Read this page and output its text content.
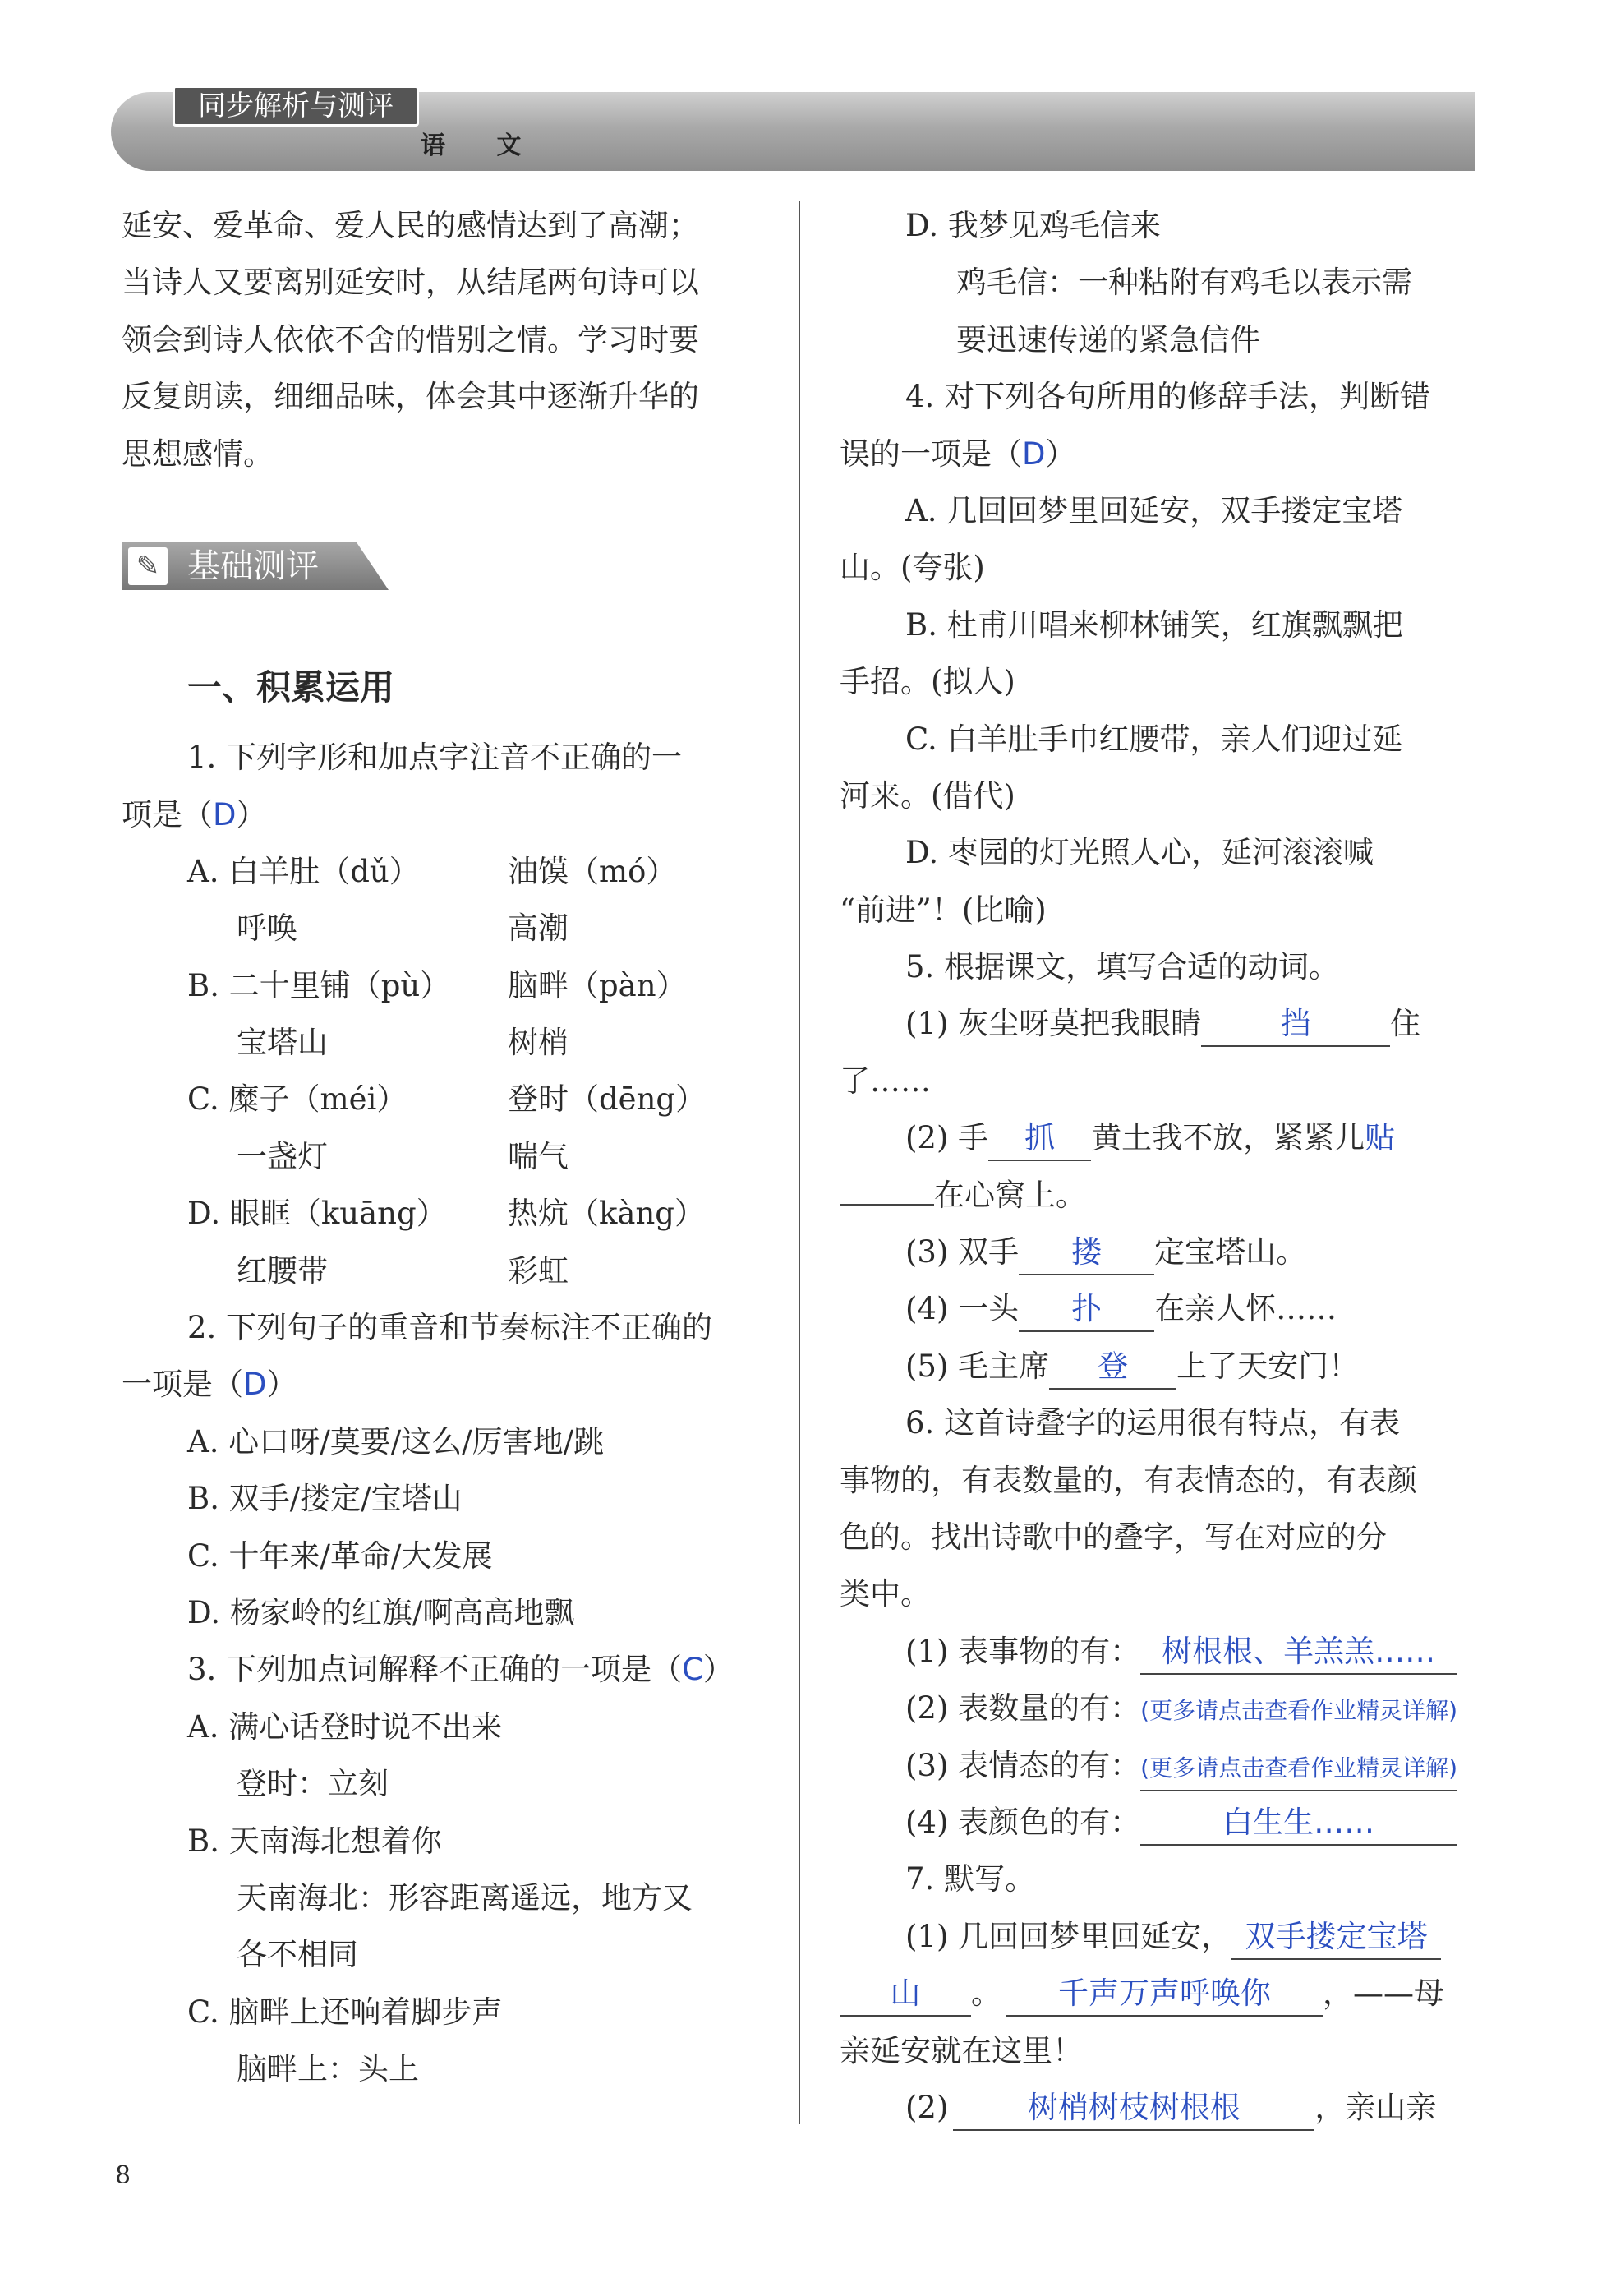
同步解析与测评
语 文
延安、爱革命、爱人民的感情达到了高潮；
当诗人又要离别延安时，从结尾两句诗可以
领会到诗人依依不舍的惜别之情。学习时要
反复朗读，细细品味，体会其中逐渐升华的
思想感情。
一、积累运用
1. 下列字形和加点字注音不正确的一
项是（D）
A. 白羊肚（dǔ）	油馍（mó）
呼唤	高潮
B. 二十里铺（pù） 脑畔（pàn）
宝塔山	树梢
C. 糜子（méi）	登时（dēng）
一盏灯	喘气
D. 眼眶（kuāng） 热炕（kàng）
红腰带	彩虹
2. 下列句子的重音和节奏标注不正确的
一项是（D）
A. 心口呀/莫要/这么/厉害地/跳
B. 双手/搂定/宝塔山
C. 十年来/革命/大发展
D. 杨家岭的红旗/啊高高地飘
3. 下列加点词解释不正确的一项是（C）
A. 满心话登时说不出来
登时：立刻
B. 天南海北想着你
天南海北：形容距离遥远，地方又
各不相同
C. 脑畔上还响着脚步声
脑畔上：头上
✎ 基础测评
D. 我梦见鸡毛信来
鸡毛信：一种粘附有鸡毛以表示需
要迅速传递的紧急信件
4. 对下列各句所用的修辞手法，判断错
误的一项是（D）
A. 几回回梦里回延安，双手搂定宝塔
山。(夸张)
B. 杜甫川唱来柳林铺笑，红旗飘飘把
手招。(拟人)
C. 白羊肚手巾红腰带，亲人们迎过延
河来。(借代)
D. 枣园的灯光照人心，延河滚滚喊
“前进”！(比喻)
5. 根据课文，填写合适的动词。
(1) 灰尘呀莫把我眼睛	挡	住
了……
(2) 手 抓 黄土我不放，紧紧儿贴
在心窝上。
(3) 双手 搂 定宝塔山。
(4) 一头 扑 在亲人怀……
(5) 毛主席 登 上了天安门！
6. 这首诗叠字的运用很有特点，有表
事物的，有表数量的，有表情态的，有表颜
色的。找出诗歌中的叠字，写在对应的分
类中。
(1) 表事物的有： 树根根、羊羔羔……
(2) 表数量的有：(更多请点击查看作业精灵详解)
(3) 表情态的有：(更多请点击查看作业精灵详解)
(4) 表颜色的有：	白生生……
7. 默写。
(1) 几回回梦里回延安， 双手搂定宝塔
山 。 千声万声呼唤你 ，——母
亲延安就在这里！
(2)	树梢树枝树根根 ，亲山亲
8
